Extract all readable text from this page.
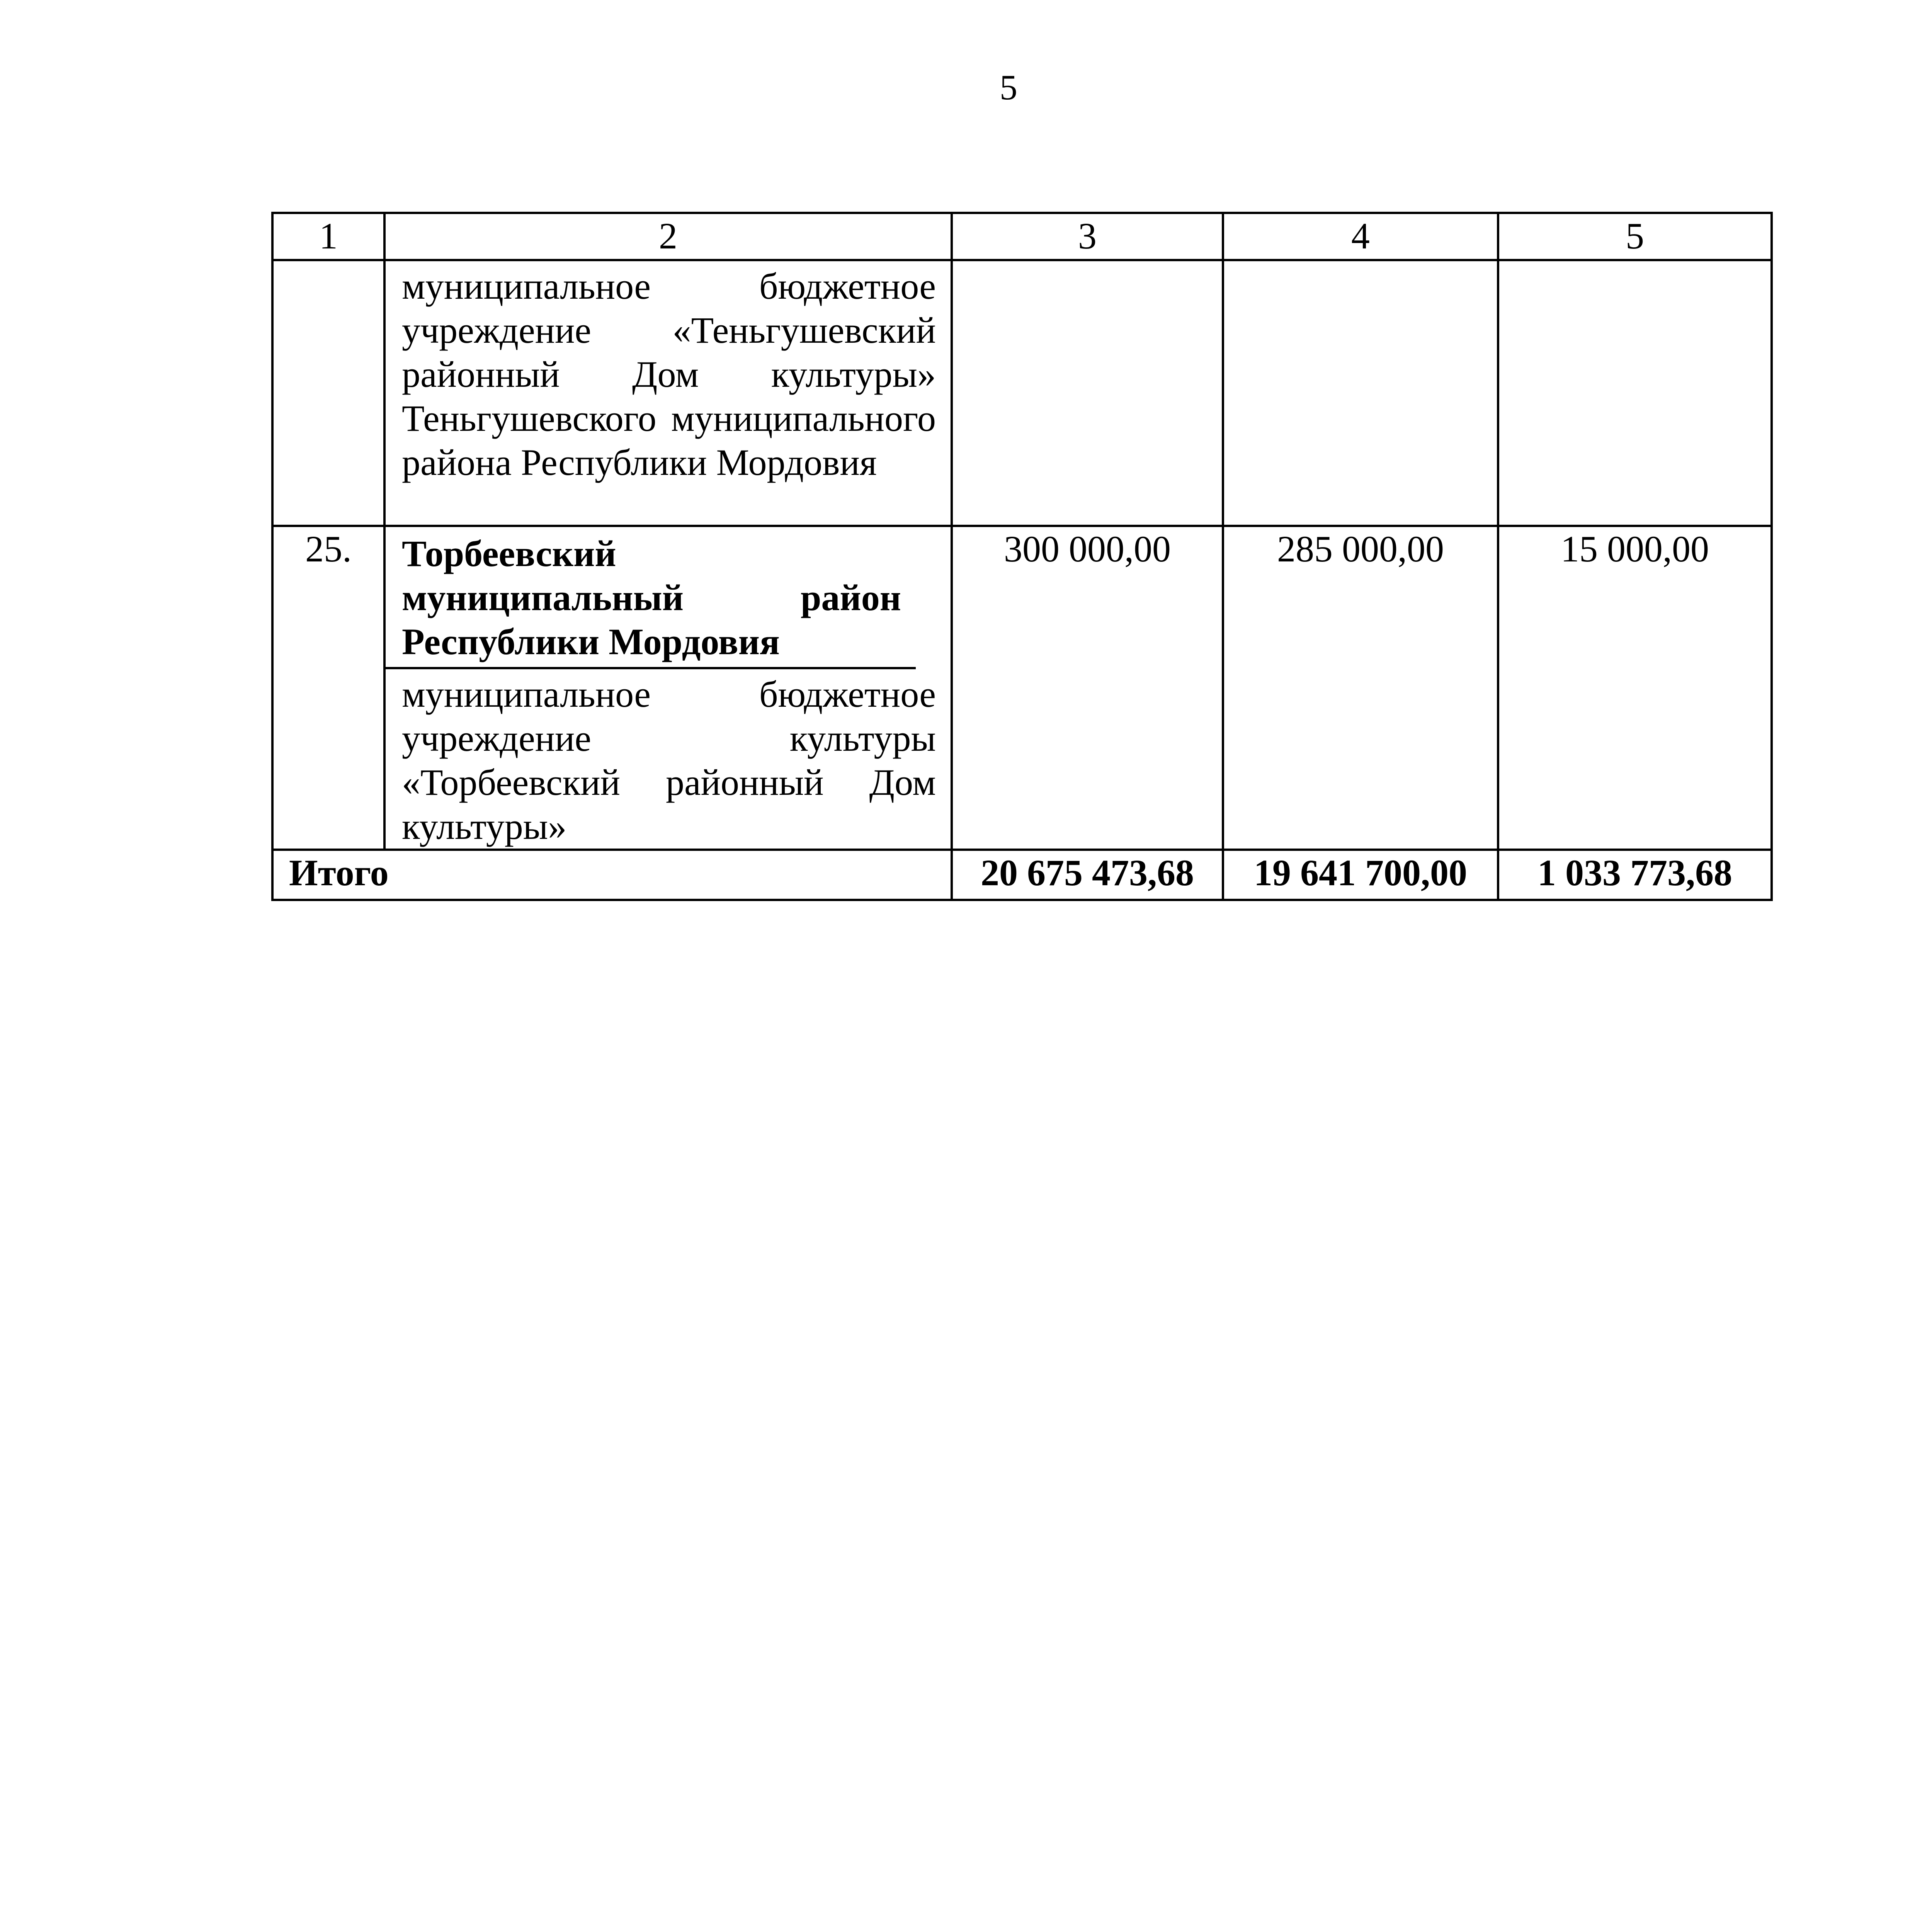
5
1	2	3	4	5

	муниципальное бюджетное учреждение «Теньгушевский районный Дом культуры» Теньгушевского муниципального района Республики Мордовия			

25.	Торбеевский муниципальный район Республики Мордовия
муниципальное бюджетное учреждение культуры «Торбеевский районный Дом культуры»	300 000,00	285 000,00	15 000,00
Итого		20 675 473,68	19 641 700,00	1 033 773,68
